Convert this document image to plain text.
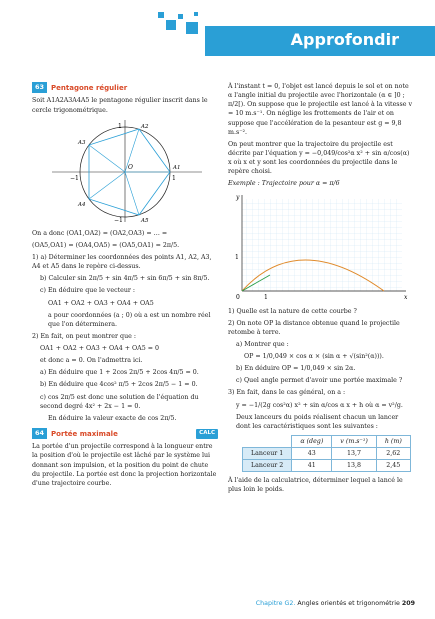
Approfondir
63	Pentagone régulier

Soit A1A2A3A4A5 le pentagone régulier inscrit dans le cercle trigonométrique.

1
−1
−1
1
O	A1
A2
A3
A4
A5

On a donc (OA1,OA2) = (OA2,OA3) = … =

(OA5,OA1) = (OA4,OA5) = (OA5,OA1) = 2π/5.

1) a) Déterminer les coordonnées des points A1, A2, A3, A4 et A5 dans le repère ci-dessus.

b) Calculer sin 2π/5 + sin 4π/5 + sin 6π/5 + sin 8π/5.

c) En déduire que le vecteur :

OA1 + OA2 + OA3 + OA4 + OA5

a pour coordonnées (a ; 0) où a est un nombre réel que l'on déterminera.

2) En fait, on peut montrer que :

OA1 + OA2 + OA3 + OA4 + OA5 = 0

et donc a = 0. On l'admettra ici.

a) En déduire que 1 + 2cos 2π/5 + 2cos 4π/5 = 0.

b) En déduire que 4cos² π/5 + 2cos 2π/5 − 1 = 0.

c) cos 2π/5 est donc une solution de l'équation du second degré 4x² + 2x − 1 = 0.

En déduire la valeur exacte de cos 2π/5.

64	Portée maximale	CALC

La portée d'un projectile correspond à la longueur entre la position d'où le projectile est lâché par le système lui donnant son impulsion, et la position du point de chute du projectile. La portée est donc la projection horizontale d'une trajectoire courbe.

À l'instant t = 0, l'objet est lancé depuis le sol et on note α l'angle initial du projectile avec l'horizontale (α ∈ ]0 ; π/2[). On suppose que le projectile est lancé à la vitesse v = 10 m.s⁻¹. On néglige les frottements de l'air et on suppose que l'accélération de la pesanteur est g = 9,8 m.s⁻².

On peut montrer que la trajectoire du projectile est décrite par l'équation y = −0,049/cos²α x² + sin α/cos(α) x où x et y sont les coordonnées du projectile dans le repère choisi.

Exemple : Trajectoire pour α = π/6

y
x
1
0	1

1) Quelle est la nature de cette courbe ?

2) On note OP la distance obtenue quand le projectile retombe à terre.

a) Montrer que :

OP = 1/0,049 × cos α × (sin α + √(sin²(α))).

b) En déduire OP = 1/0,049 × sin 2α.

c) Quel angle permet d'avoir une portée maximale ?

3) En fait, dans le cas général, on a :

y = −1/(2g cos²α) x² + sin α/cos α x + h où α = v²/g.

Deux lanceurs du poids réalisent chacun un lancer dont les caractéristiques sont les suivantes :

	α (deg)	v (m.s⁻¹)	h (m)
Lanceur 1	43	13,7	2,62
Lanceur 2	41	13,8	2,45

À l'aide de la calculatrice, déterminer lequel a lancé le plus loin le poids.

Chapitre G2. Angles orientés et trigonométrie 209
